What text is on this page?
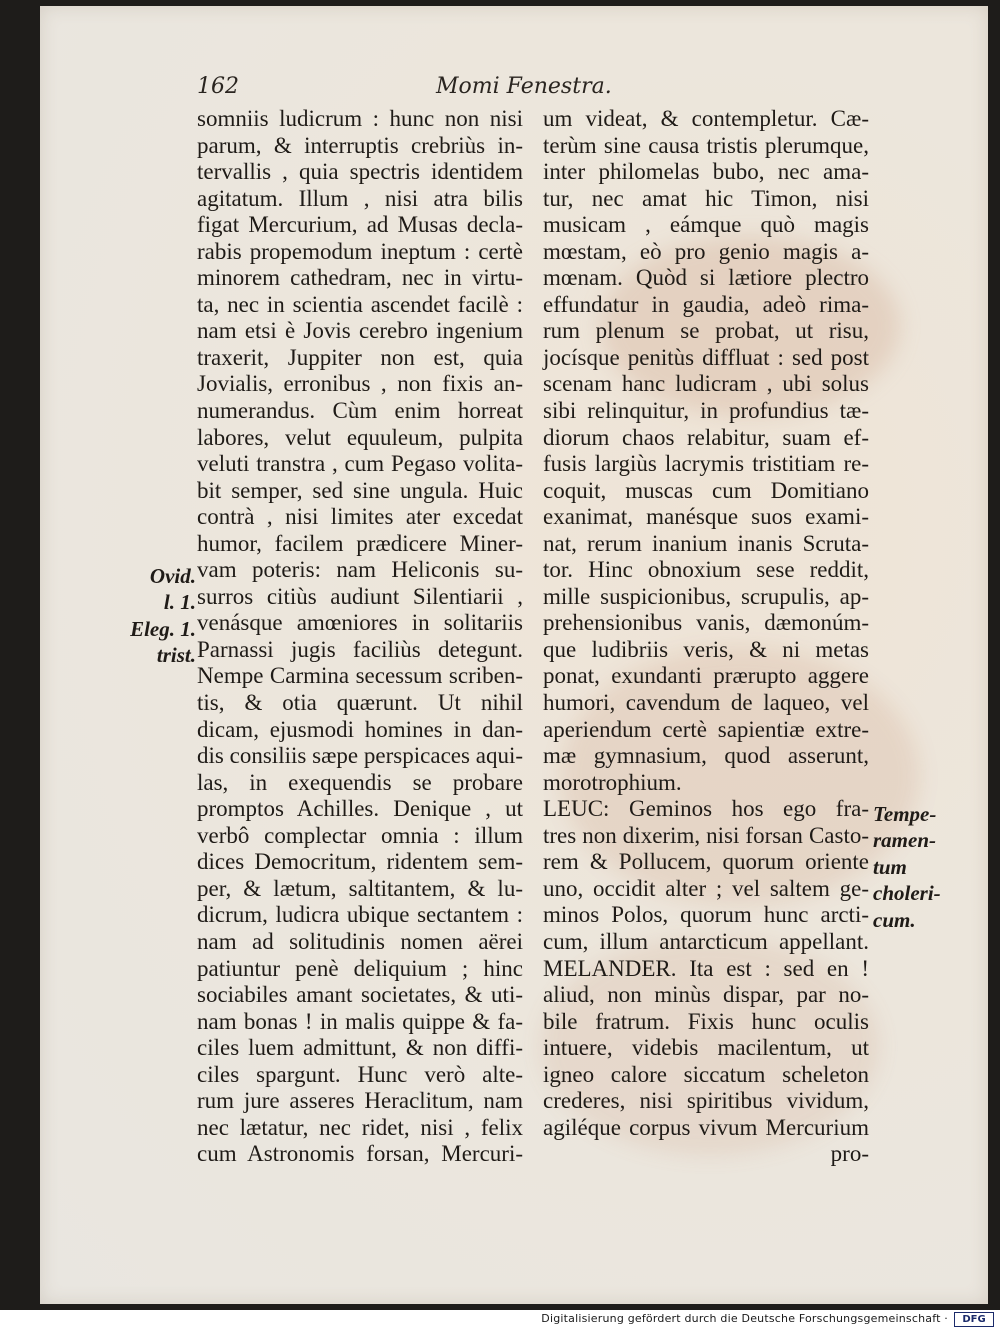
162	Momi Fenestra.
somniis ludicrum : hunc non nisi
parum, & interruptis crebriùs in-
tervallis , quia spectris identidem
agitatum. Illum , nisi atra bilis
figat Mercurium, ad Musas decla-
rabis propemodum ineptum : certè
minorem cathedram, nec in virtu-
ta, nec in scientia ascendet facilè :
nam etsi è Jovis cerebro ingenium
traxerit, Juppiter non est, quia
Jovialis, erronibus , non fixis an-
numerandus. Cùm enim horreat
labores, velut equuleum, pulpita
veluti transtra , cum Pegaso volita-
bit semper, sed sine ungula. Huic
contrà , nisi limites ater excedat
humor, facilem prædicere Miner-
vam poteris: nam Heliconis su-
surros citiùs audiunt Silentiarii ,
venásque amœniores in solitariis
Parnassi jugis faciliùs detegunt.
Nempe Carmina secessum scriben-
tis, & otia quærunt. Ut nihil
dicam, ejusmodi homines in dan-
dis consiliis sæpe perspicaces aqui-
las, in exequendis se probare
promptos Achilles. Denique , ut
verbô complectar omnia : illum
dices Democritum, ridentem sem-
per, & lætum, saltitantem, & lu-
dicrum, ludicra ubique sectantem :
nam ad solitudinis nomen aërei
patiuntur penè deliquium ; hinc
sociabiles amant societates, & uti-
nam bonas ! in malis quippe & fa-
ciles luem admittunt, & non diffi-
ciles spargunt. Hunc verò alte-
rum jure asseres Heraclitum, nam
nec lætatur, nec ridet, nisi , felix
cum Astronomis forsan, Mercuri-
um videat, & contempletur. Cæ-
terùm sine causa tristis plerumque,
inter philomelas bubo, nec ama-
tur, nec amat hic Timon, nisi
musicam , eámque quò magis
mœstam, eò pro genio magis a-
mœnam. Quòd si lætiore plectro
effundatur in gaudia, adeò rima-
rum plenum se probat, ut risu,
jocísque penitùs diffluat : sed post
scenam hanc ludicram , ubi solus
sibi relinquitur, in profundius tæ-
diorum chaos relabitur, suam ef-
fusis largiùs lacrymis tristitiam re-
coquit, muscas cum Domitiano
exanimat, manésque suos exami-
nat, rerum inanium inanis Scruta-
tor. Hinc obnoxium sese reddit,
mille suspicionibus, scrupulis, ap-
prehensionibus vanis, dæmonúm-
que ludibriis veris, & ni metas
ponat, exundanti prærupto aggere
humori, cavendum de laqueo, vel
aperiendum certè sapientiæ extre-
mæ gymnasium, quod asserunt,
morotrophium.
LEUC: Geminos hos ego fra-
tres non dixerim, nisi forsan Casto-
rem & Pollucem, quorum oriente
uno, occidit alter ; vel saltem ge-
minos Polos, quorum hunc arcti-
cum, illum antarcticum appellant.
MELANDER. Ita est : sed en !
aliud, non minùs dispar, par no-
bile fratrum. Fixis hunc oculis
intuere, videbis macilentum, ut
igneo calore siccatum scheleton
crederes, nisi spiritibus vividum,
agiléque corpus vivum Mercurium
pro-
Ovid.
l. 1.
Eleg. 1.
trist.
Tempe-
ramen-
tum
choleri-
cum.
Digitalisierung gefördert durch die Deutsche Forschungsgemeinschaft ·	DFG
